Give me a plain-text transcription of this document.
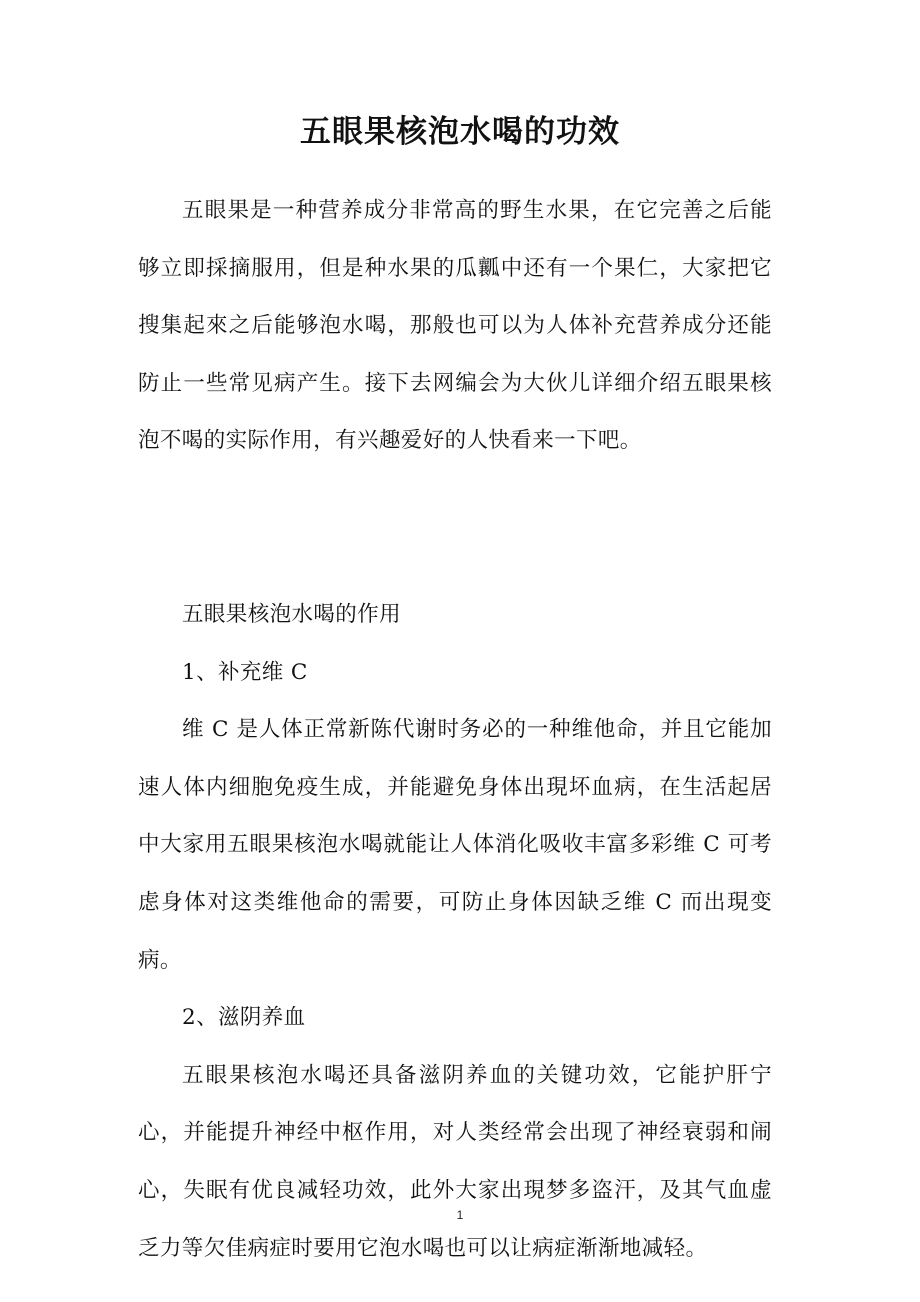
五眼果核泡水喝的功效

五眼果是一种营养成分非常高的野生水果，在它完善之后能够立即採摘服用，但是种水果的瓜瓤中还有一个果仁，大家把它搜集起來之后能够泡水喝，那般也可以为人体补充营养成分还能防止一些常见病产生。接下去网编会为大伙儿详细介绍五眼果核泡不喝的实际作用，有兴趣爱好的人快看来一下吧。

五眼果核泡水喝的作用

1、补充维 C

维 C 是人体正常新陈代谢时务必的一种维他命，并且它能加速人体内细胞免疫生成，并能避免身体出現坏血病，在生活起居中大家用五眼果核泡水喝就能让人体消化吸收丰富多彩维 C 可考虑身体对这类维他命的需要，可防止身体因缺乏维 C 而出現变病。

2、滋阴养血

五眼果核泡水喝还具备滋阴养血的关键功效，它能护肝宁心，并能提升神经中枢作用，对人类经常会出现了神经衰弱和闹心，失眠有优良减轻功效，此外大家出現梦多盗汗，及其气血虚乏力等欠佳病症时要用它泡水喝也可以让病症渐渐地减轻。

1
